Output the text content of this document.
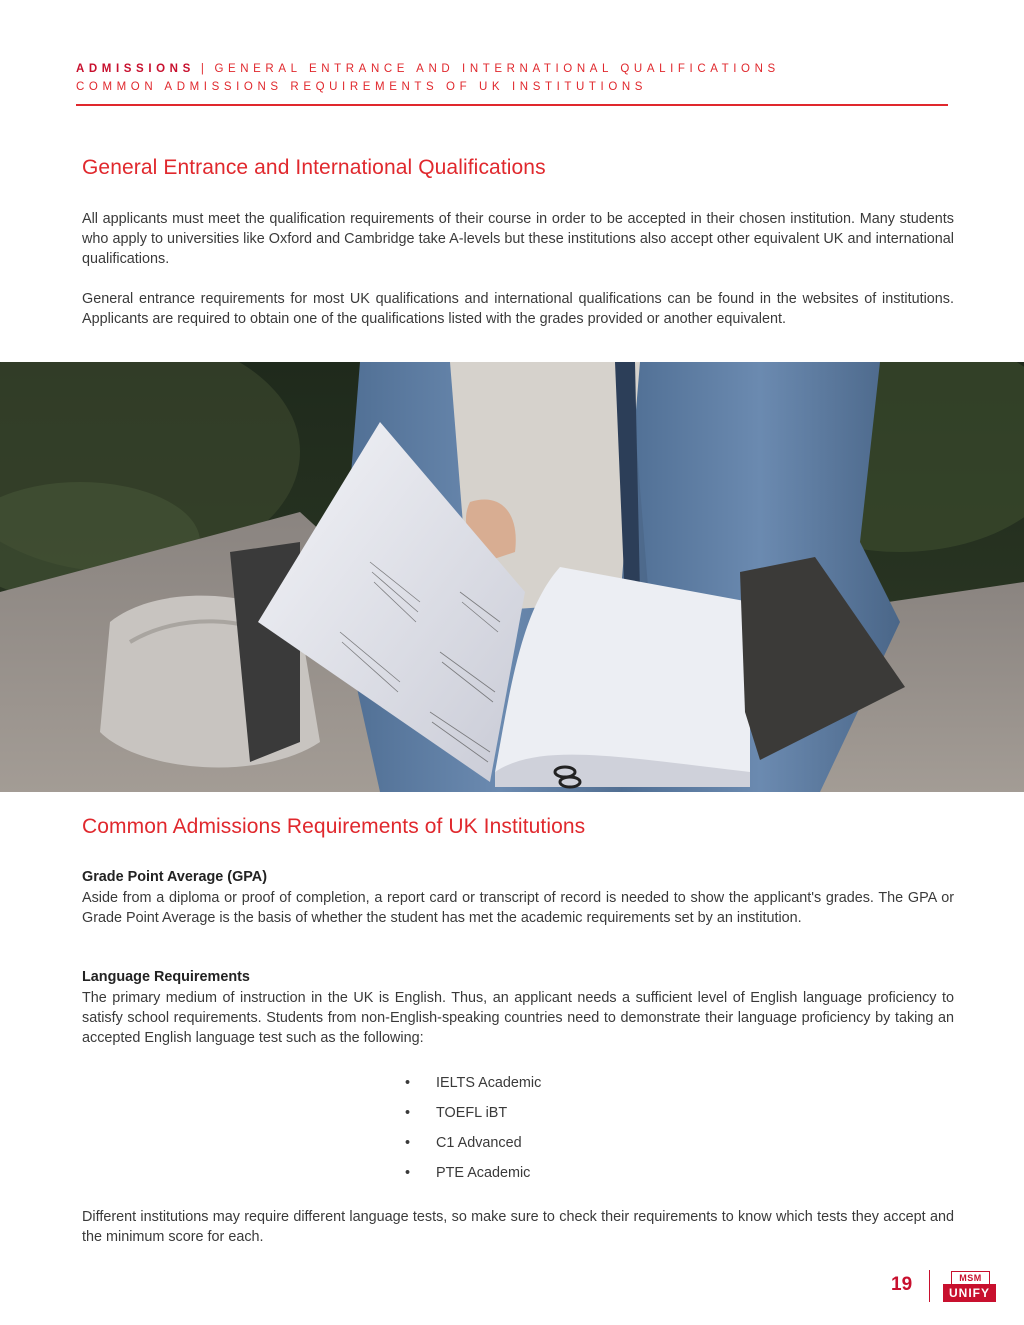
ADMISSIONS | GENERAL ENTRANCE AND INTERNATIONAL QUALIFICATIONS
COMMON ADMISSIONS REQUIREMENTS OF UK INSTITUTIONS
General Entrance and International Qualifications

All applicants must meet the qualification requirements of their course in order to be accepted in their chosen institution. Many students who apply to universities like Oxford and Cambridge take A-levels but these institutions also accept other equivalent UK and international qualifications.

General entrance requirements for most UK qualifications and international qualifications can be found in the websites of institutions. Applicants are required to obtain one of the qualifications listed with the grades provided or another equivalent.

Common Admissions Requirements of UK Institutions
Grade Point Average (GPA)

Aside from a diploma or proof of completion, a report card or transcript of record is needed to show the applicant's grades. The GPA or Grade Point Average is the basis of whether the student has met the academic requirements set by an institution.

Language Requirements

The primary medium of instruction in the UK is English. Thus, an applicant needs a sufficient level of English language proficiency to satisfy school requirements. Students from non-English-speaking countries need to demonstrate their language proficiency by taking an accepted English language test such as the following:

• IELTS Academic
• TOEFL iBT
• C1 Advanced
• PTE Academic

Different institutions may require different language tests, so make sure to check their requirements to know which tests they accept and the minimum score for each.

19	MSM
UNIFY
